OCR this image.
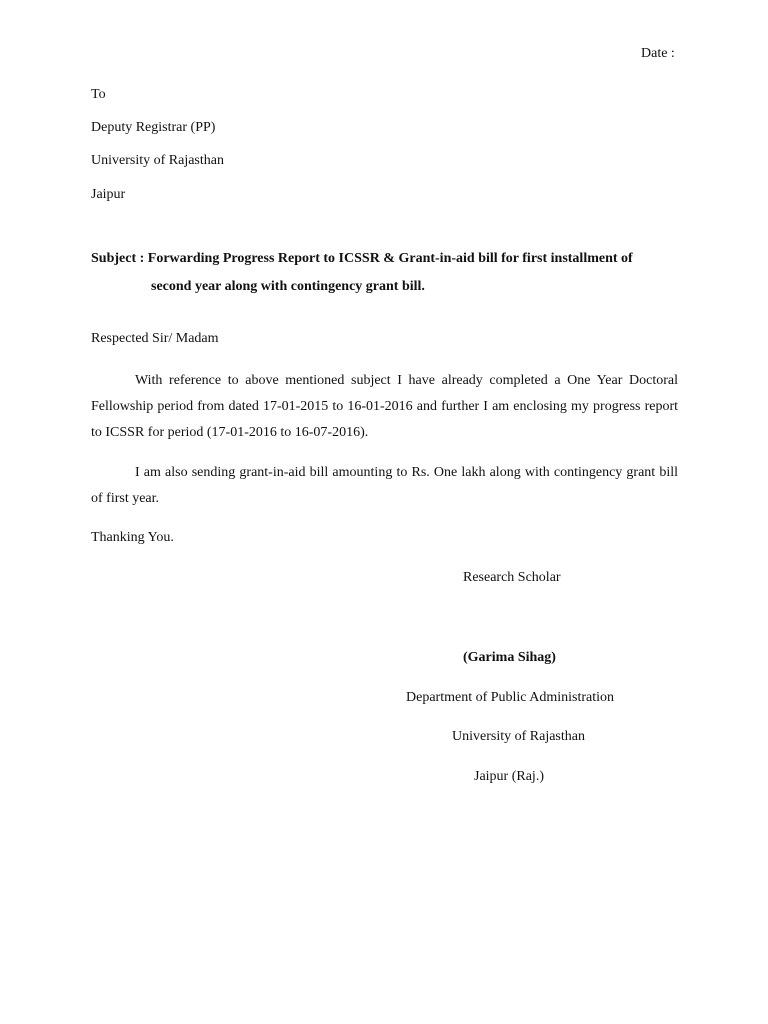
Date :

To

Deputy Registrar (PP)

University of Rajasthan

Jaipur

Subject : Forwarding Progress Report to ICSSR & Grant-in-aid bill for first installment of
second year along with contingency grant bill.

Respected Sir/ Madam

With reference to above mentioned subject I have already completed a One Year Doctoral Fellowship period from dated 17-01-2015 to 16-01-2016 and further I am enclosing my progress report to ICSSR for period (17-01-2016 to 16-07-2016).

I am also sending grant-in-aid bill amounting to Rs. One lakh along with contingency grant bill of first year.

Thanking You.

Research Scholar

(Garima Sihag)

Department of Public Administration

University of Rajasthan

Jaipur (Raj.)
